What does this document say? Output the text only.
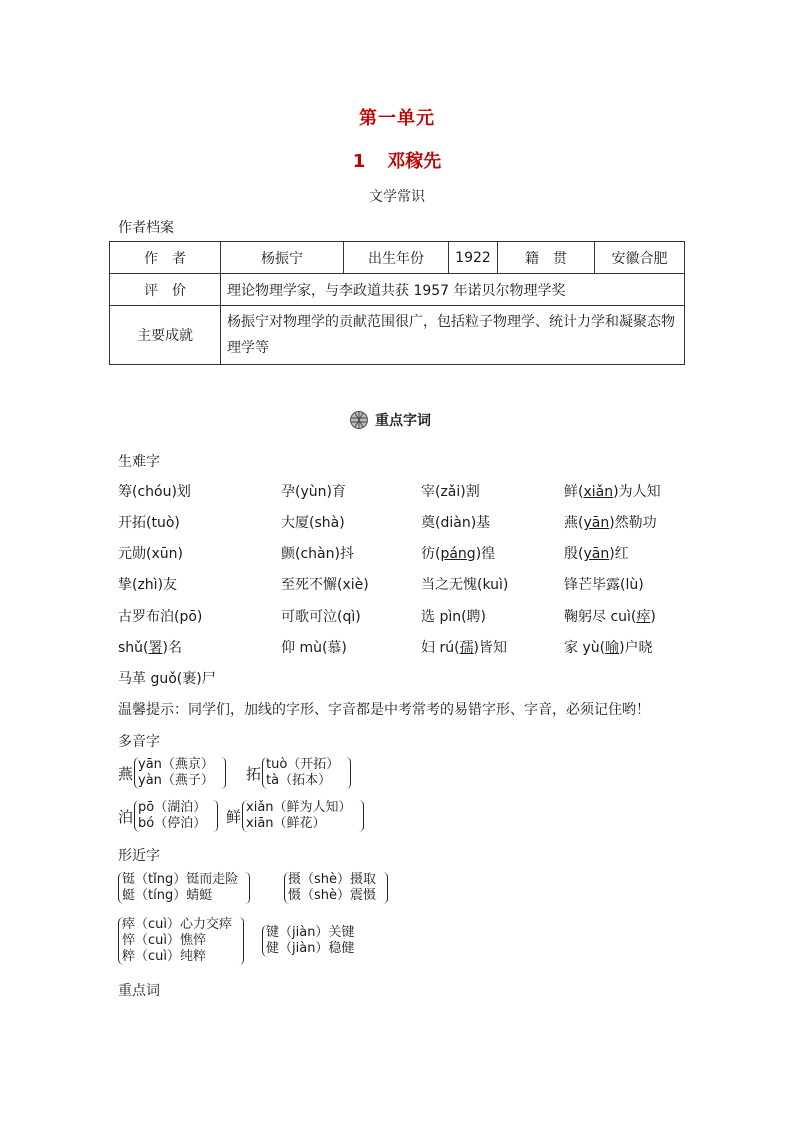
第一单元
1 邓稼先
文学常识
作者档案
作　者	杨振宁	出生年份	1922	籍　贯	安徽合肥
评　价	理论物理学家，与李政道共获 1957 年诺贝尔物理学奖				
主要成就	杨振宁对物理学的贡献范围很广，包括粒子物理学、统计力学和凝聚态物
理学等				
重点字词
生难字
筹(chóu)划	孕(yùn)育	宰(zǎi)割	鲜(xiǎn)为人知
开拓(tuò)	大厦(shà)	奠(diàn)基	燕(yān)然勒功
元勋(xūn)	颤(chàn)抖	彷(páng)徨	殷(yān)红
挚(zhì)友	至死不懈(xiè)	当之无愧(kuì)	锋芒毕露(lù)
古罗布泊(pō)	可歌可泣(qì)	选 pìn(聘)	鞠躬尽 cuì(瘁)
shǔ(署)名	仰 mù(慕)	妇 rú(孺)皆知	家 yù(喻)户晓
马革 guǒ(裹)尸
温馨提示：同学们，加线的字形、字音都是中考常考的易错字形、字音，必须记住哟！
多音字
燕 yān（燕京）
yàn（燕子） 拓 tuò（开拓）
tà（拓本）
泊 pō（湖泊）
bó（停泊） 鲜 xiǎn（鲜为人知）
xiān（鲜花）
形近字
铤（tǐng）铤而走险
蜓（tíng）蜻蜓
摄（shè）摄取
慑（shè）震慑
瘁（cuì）心力交瘁
悴（cuì）憔悴
粹（cuì）纯粹
键（jiàn）关键
健（jiàn）稳健
重点词
